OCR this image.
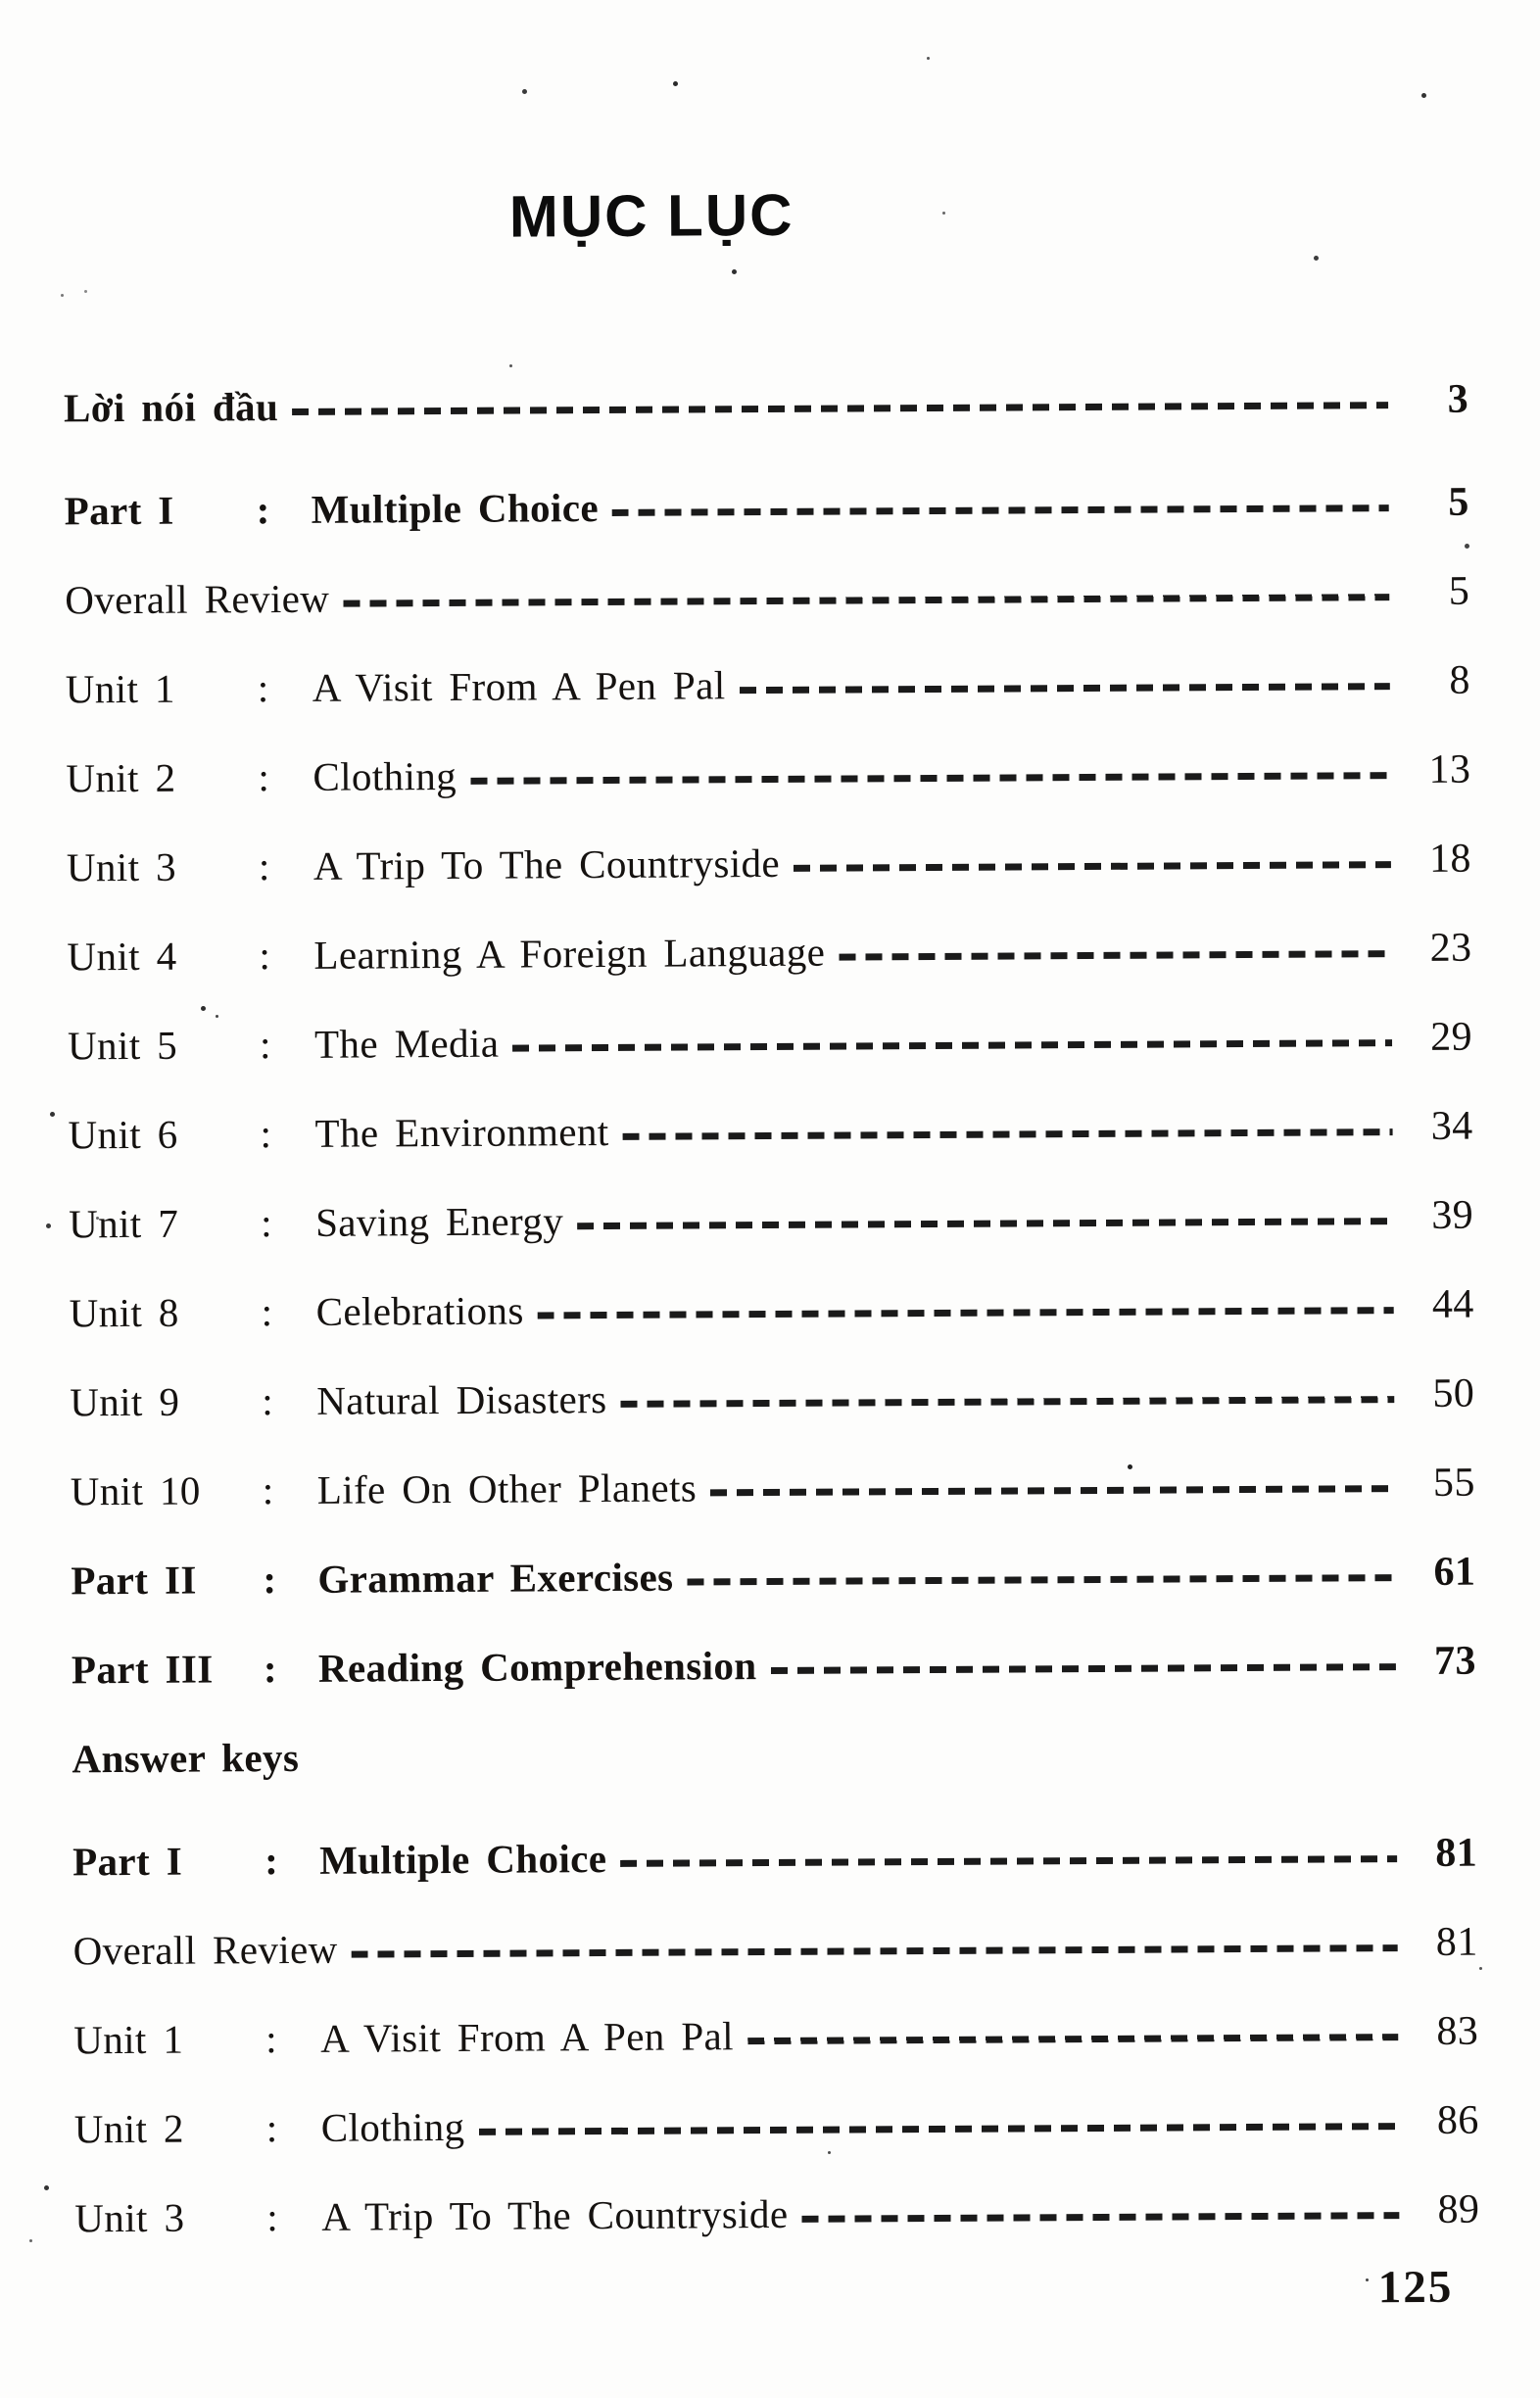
MỤC LỤC
Lời nói đầu	3
Part I	:	Multiple Choice	5
Overall Review	5
Unit 1	:	A Visit From A Pen Pal	8
Unit 2	:	Clothing	13
Unit 3	:	A Trip To The Countryside	18
Unit 4	:	Learning A Foreign Language	23
Unit 5	:	The Media	29
Unit 6	:	The Environment	34
Unit 7	:	Saving Energy	39
Unit 8	:	Celebrations	44
Unit 9	:	Natural Disasters	50
Unit 10	:	Life On Other Planets	55
Part II	:	Grammar Exercises	61
Part III	:	Reading Comprehension	73
Answer keys
Part I	:	Multiple Choice	81
Overall Review	81
Unit 1	:	A Visit From A Pen Pal	83
Unit 2	:	Clothing	86
Unit 3	:	A Trip To The Countryside	89
125
